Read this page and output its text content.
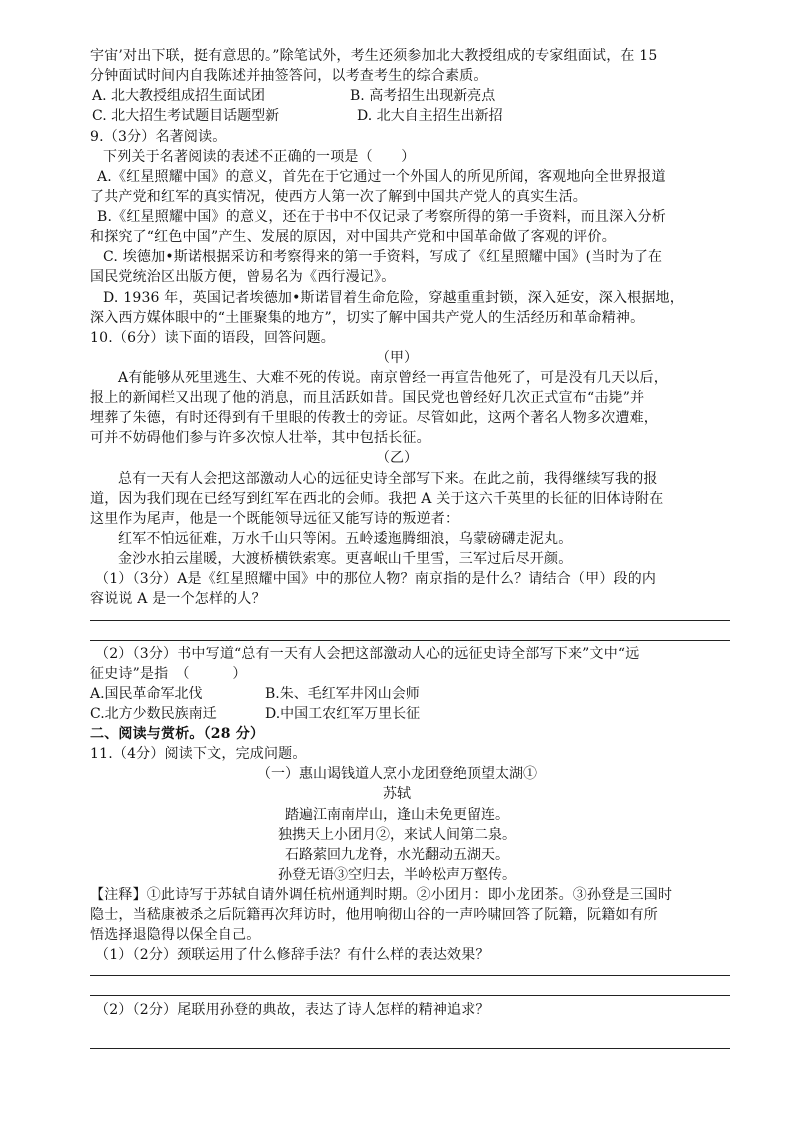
宇宙’对出下联，挺有意思的。”除笔试外，考生还须参加北大教授组成的专家组面试，在 15
分钟面试时间内自我陈述并抽签答问，以考查考生的综合素质。
A. 北大教授组成招生面试团	B. 高考招生出现新亮点
C. 北大招生考试题目话题型新	D. 北大自主招生出新招
9.（3分）名著阅读。
下列关于名著阅读的表述不正确的一项是（　　）
A.《红星照耀中国》的意义，首先在于它通过一个外国人的所见所闻，客观地向全世界报道
了共产党和红军的真实情况，使西方人第一次了解到中国共产党人的真实生活。
B.《红星照耀中国》的意义，还在于书中不仅记录了考察所得的第一手资料，而且深入分析
和探究了“红色中国”产生、发展的原因，对中国共产党和中国革命做了客观的评价。
C. 埃德加•斯诺根据采访和考察得来的第一手资料，写成了《红星照耀中国》(当时为了在
国民党统治区出版方便，曾易名为《西行漫记》。
D. 1936 年，英国记者埃德加•斯诺冒着生命危险，穿越重重封锁，深入延安，深入根据地，
深入西方媒体眼中的“土匪聚集的地方”，切实了解中国共产党人的生活经历和革命精神。
10.（6分）读下面的语段，回答问题。
（甲）
A有能够从死里逃生、大难不死的传说。南京曾经一再宣告他死了，可是没有几天以后，
报上的新闻栏又出现了他的消息，而且活跃如昔。国民党也曾经好几次正式宣布“击毙”并
埋葬了朱德，有时还得到有千里眼的传教士的旁证。尽管如此，这两个著名人物多次遭难，
可并不妨碍他们参与许多次惊人壮举，其中包括长征。
（乙）
总有一天有人会把这部激动人心的远征史诗全部写下来。在此之前，我得继续写我的报
道，因为我们现在已经写到红军在西北的会师。我把 A 关于这六千英里的长征的旧体诗附在
这里作为尾声，他是一个既能领导远征又能写诗的叛逆者：
红军不怕远征难，万水千山只等闲。五岭逶迤腾细浪，乌蒙磅礴走泥丸。
金沙水拍云崖暖，大渡桥横铁索寒。更喜岷山千里雪，三军过后尽开颜。
（1）（3分）A是《红星照耀中国》中的那位人物？南京指的是什么？请结合（甲）段的内
容说说 A 是一个怎样的人？
（2）（3分）书中写道“总有一天有人会把这部激动人心的远征史诗全部写下来”文中“远
征史诗”是指　（　　　）
A.国民革命军北伐	B.朱、毛红军井冈山会师
C.北方少数民族南迁	D.中国工农红军万里长征
二、阅读与赏析。（28 分）
11.（4分）阅读下文，完成问题。
（一）惠山谒钱道人烹小龙团登绝顶望太湖①
苏轼
踏遍江南南岸山，逢山未免更留连。
独携天上小团月②，来试人间第二泉。
石路萦回九龙脊，水光翻动五湖天。
孙登无语③空归去，半岭松声万壑传。
【注释】①此诗写于苏轼自请外调任杭州通判时期。②小团月：即小龙团茶。③孙登是三国时
隐士，当嵇康被杀之后阮籍再次拜访时，他用响彻山谷的一声吟啸回答了阮籍，阮籍如有所
悟选择退隐得以保全自己。
（1）（2分）颈联运用了什么修辞手法？有什么样的表达效果？
（2）（2分）尾联用孙登的典故，表达了诗人怎样的精神追求？
